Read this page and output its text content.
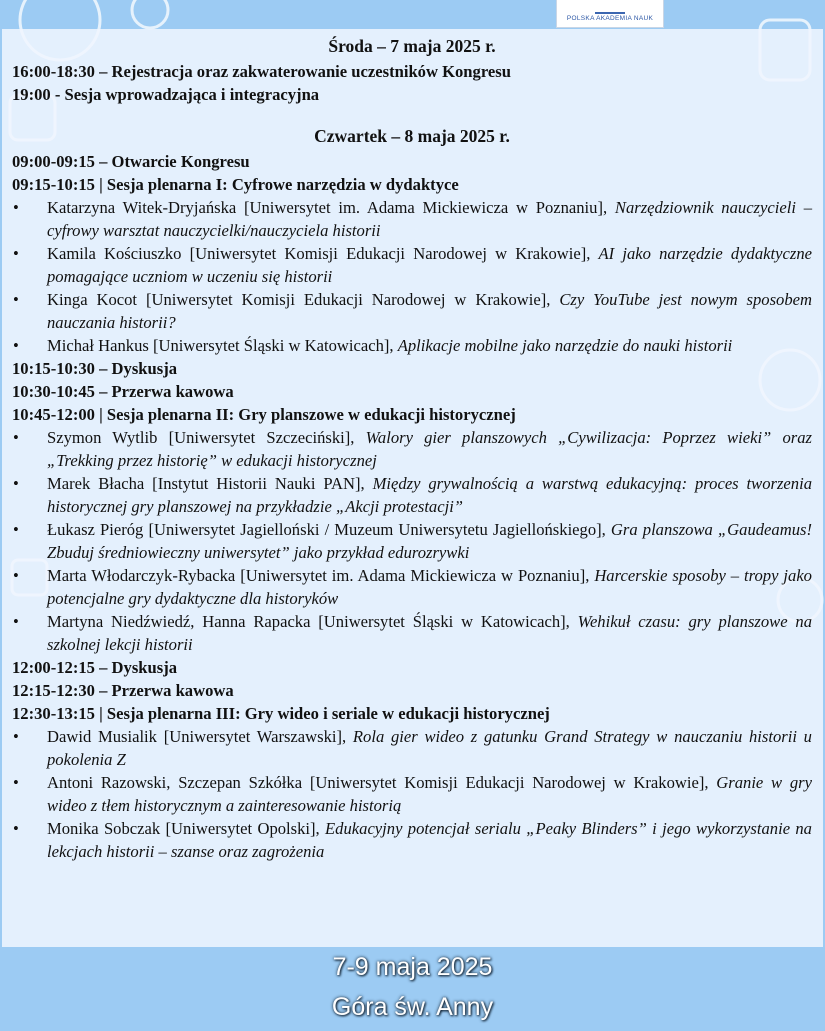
POLSKA AKADEMIA NAUK
Środa – 7 maja 2025 r.
16:00-18:30 – Rejestracja oraz zakwaterowanie uczestników Kongresu
19:00 - Sesja wprowadzająca i integracyjna
Czwartek – 8 maja 2025 r.
09:00-09:15 – Otwarcie Kongresu
09:15-10:15 | Sesja plenarna I: Cyfrowe narzędzia w dydaktyce
• Katarzyna Witek-Dryjańska [Uniwersytet im. Adama Mickiewicza w Poznaniu], Narzędziownik nauczycieli – cyfrowy warsztat nauczycielki/nauczyciela historii
• Kamila Kościuszko [Uniwersytet Komisji Edukacji Narodowej w Krakowie], AI jako narzędzie dydaktyczne pomagające uczniom w uczeniu się historii
• Kinga Kocot [Uniwersytet Komisji Edukacji Narodowej w Krakowie], Czy YouTube jest nowym sposobem nauczania historii?
• Michał Hankus [Uniwersytet Śląski w Katowicach], Aplikacje mobilne jako narzędzie do nauki historii
10:15-10:30 – Dyskusja
10:30-10:45 – Przerwa kawowa
10:45-12:00 | Sesja plenarna II: Gry planszowe w edukacji historycznej
• Szymon Wytlib [Uniwersytet Szczeciński], Walory gier planszowych „Cywilizacja: Poprzez wieki” oraz „Trekking przez historię” w edukacji historycznej
• Marek Błacha [Instytut Historii Nauki PAN], Między grywalnością a warstwą edukacyjną: proces tworzenia historycznej gry planszowej na przykładzie „Akcji protestacji”
• Łukasz Pieróg [Uniwersytet Jagielloński / Muzeum Uniwersytetu Jagiellońskiego], Gra planszowa „Gaudeamus! Zbuduj średniowieczny uniwersytet” jako przykład edurozrywki
• Marta Włodarczyk-Rybacka [Uniwersytet im. Adama Mickiewicza w Poznaniu], Harcerskie sposoby – tropy jako potencjalne gry dydaktyczne dla historyków
• Martyna Niedźwiedź, Hanna Rapacka [Uniwersytet Śląski w Katowicach], Wehikuł czasu: gry planszowe na szkolnej lekcji historii
12:00-12:15 – Dyskusja
12:15-12:30 – Przerwa kawowa
12:30-13:15 | Sesja plenarna III: Gry wideo i seriale w edukacji historycznej
• Dawid Musialik [Uniwersytet Warszawski], Rola gier wideo z gatunku Grand Strategy w nauczaniu historii u pokolenia Z
• Antoni Razowski, Szczepan Szkółka [Uniwersytet Komisji Edukacji Narodowej w Krakowie], Granie w gry wideo z tłem historycznym a zainteresowanie historią
• Monika Sobczak [Uniwersytet Opolski], Edukacyjny potencjał serialu „Peaky Blinders” i jego wykorzystanie na lekcjach historii – szanse oraz zagrożenia
7-9 maja 2025
Góra św. Anny
